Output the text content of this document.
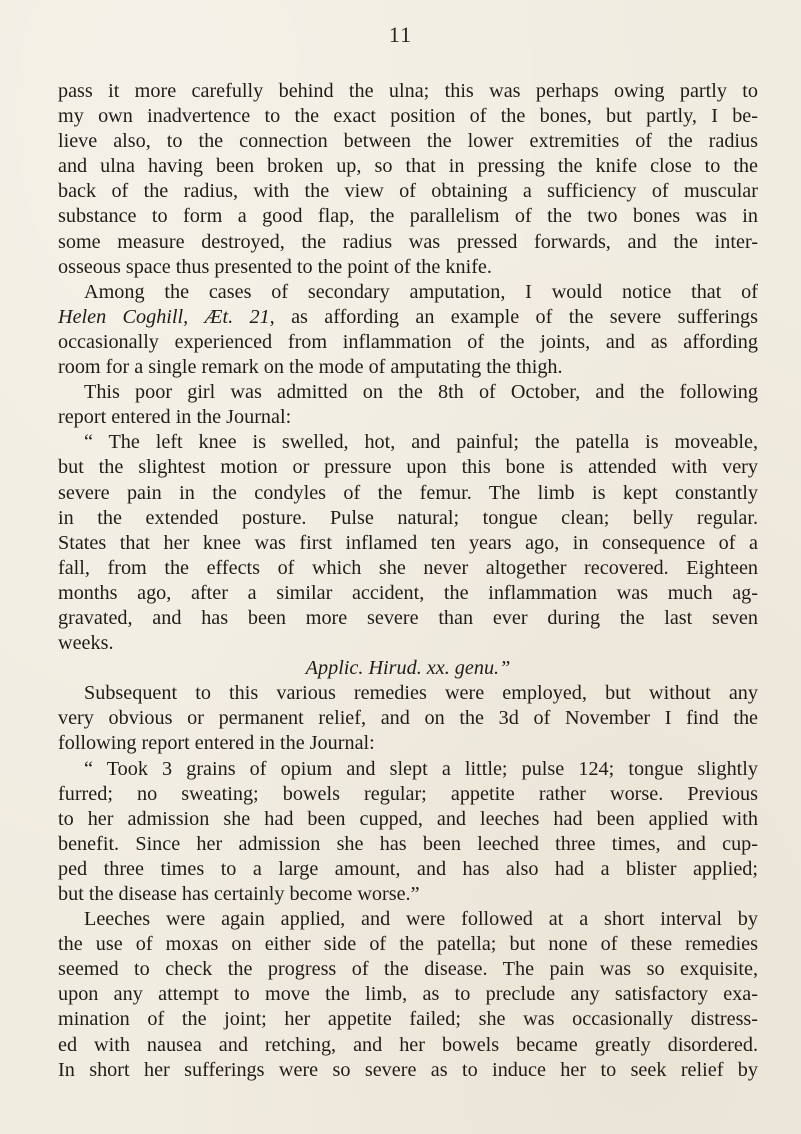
11
pass it more carefully behind the ulna; this was perhaps owing partly to
my own inadvertence to the exact position of the bones, but partly, I be-
lieve also, to the connection between the lower extremities of the radius
and ulna having been broken up, so that in pressing the knife close to the
back of the radius, with the view of obtaining a sufficiency of muscular
substance to form a good flap, the parallelism of the two bones was in
some measure destroyed, the radius was pressed forwards, and the inter-
osseous space thus presented to the point of the knife.
Among the cases of secondary amputation, I would notice that of
Helen Coghill, Æt. 21, as affording an example of the severe sufferings
occasionally experienced from inflammation of the joints, and as affording
room for a single remark on the mode of amputating the thigh.
This poor girl was admitted on the 8th of October, and the following
report entered in the Journal:
“ The left knee is swelled, hot, and painful; the patella is moveable,
but the slightest motion or pressure upon this bone is attended with very
severe pain in the condyles of the femur. The limb is kept constantly
in the extended posture. Pulse natural; tongue clean; belly regular.
States that her knee was first inflamed ten years ago, in consequence of a
fall, from the effects of which she never altogether recovered. Eighteen
months ago, after a similar accident, the inflammation was much ag-
gravated, and has been more severe than ever during the last seven
weeks.
Applic. Hirud. xx. genu.”
Subsequent to this various remedies were employed, but without any
very obvious or permanent relief, and on the 3d of November I find the
following report entered in the Journal:
“ Took 3 grains of opium and slept a little; pulse 124; tongue slightly
furred; no sweating; bowels regular; appetite rather worse. Previous
to her admission she had been cupped, and leeches had been applied with
benefit. Since her admission she has been leeched three times, and cup-
ped three times to a large amount, and has also had a blister applied;
but the disease has certainly become worse.”
Leeches were again applied, and were followed at a short interval by
the use of moxas on either side of the patella; but none of these remedies
seemed to check the progress of the disease. The pain was so exquisite,
upon any attempt to move the limb, as to preclude any satisfactory exa-
mination of the joint; her appetite failed; she was occasionally distress-
ed with nausea and retching, and her bowels became greatly disordered.
In short her sufferings were so severe as to induce her to seek relief by
